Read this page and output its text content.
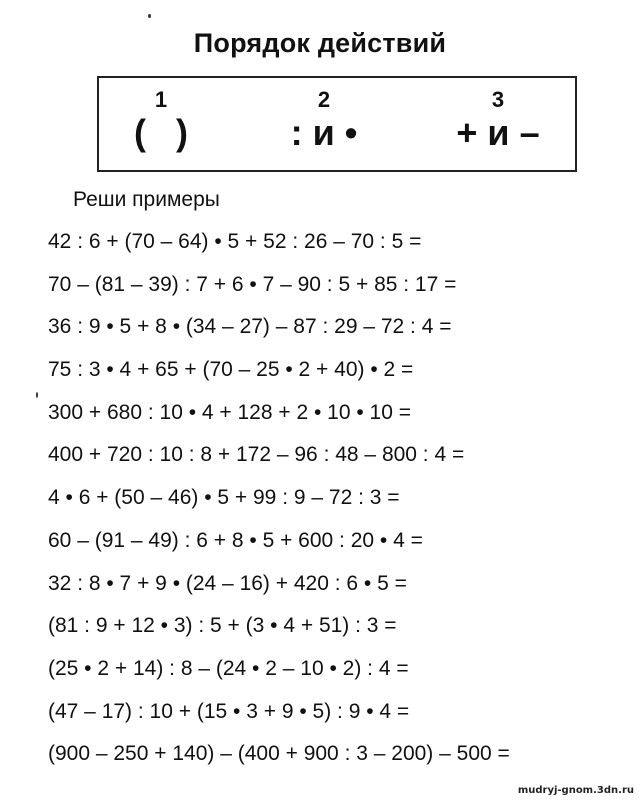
Порядок действий
1
(   )
2
: и •
3
+ и –
Реши примеры
42 : 6 + (70 – 64) • 5 + 52 : 26 – 70 : 5 =
70 – (81 – 39) : 7 + 6 • 7 – 90 : 5 + 85 : 17 =
36 : 9 • 5 + 8 • (34 – 27) – 87 : 29 – 72 : 4 =
75 : 3 • 4 + 65 + (70 – 25 • 2 + 40) • 2 =
300 + 680 : 10 • 4 + 128 + 2 • 10 • 10 =
400 + 720 : 10 : 8 + 172 – 96 : 48 – 800 : 4 =
4 • 6 + (50 – 46) • 5 + 99 : 9 – 72 : 3 =
60 – (91 – 49) : 6 + 8 • 5 + 600 : 20 • 4 =
32 : 8 • 7 + 9 • (24 – 16) + 420 : 6 • 5 =
(81 : 9 + 12 • 3) : 5 + (3 • 4 + 51) : 3 =
(25 • 2 + 14) : 8 – (24 • 2 – 10 • 2) : 4 =
(47 – 17) : 10 + (15 • 3 + 9 • 5) : 9 • 4 =
(900 – 250 + 140) – (400 + 900 : 3 – 200) – 500 =
mudryj-gnom.3dn.ru
